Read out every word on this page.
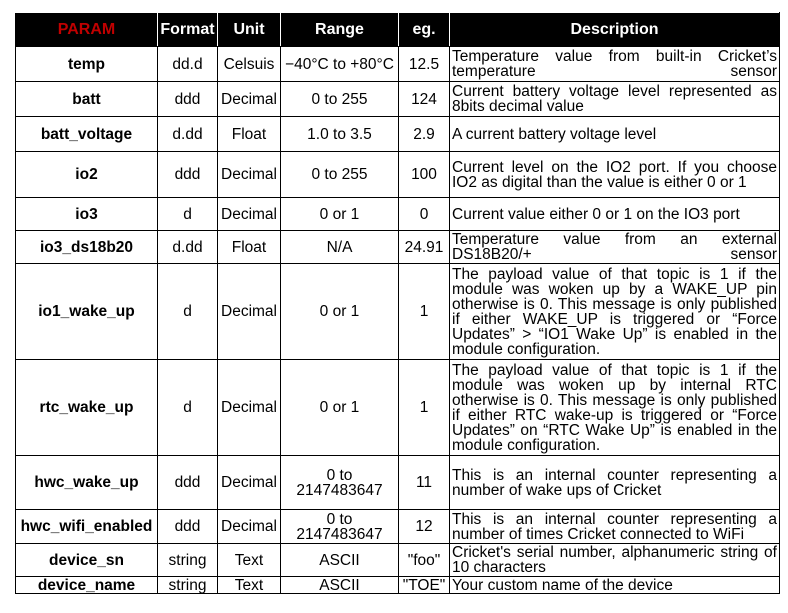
PARAM	Format	Unit	Range	eg.	Description
temp	dd.d	Celsuis	−40°C to +80°C	12.5	Temperature value from built-in Cricket’s temperature sensor
batt	ddd	Decimal	0 to 255	124	Current battery voltage level represented as 8bits decimal value
batt_voltage	d.dd	Float	1.0 to 3.5	2.9	A current battery voltage level
io2	ddd	Decimal	0 to 255	100	Current level on the IO2 port. If you choose IO2 as digital than the value is either 0 or 1
io3	d	Decimal	0 or 1	0	Current value either 0 or 1 on the IO3 port
io3_ds18b20	d.dd	Float	N/A	24.91	Temperature value from an external DS18B20/+ sensor
io1_wake_up	d	Decimal	0 or 1	1	The payload value of that topic is 1 if the module was woken up by a WAKE_UP pin otherwise is 0. This message is only published if either WAKE_UP is triggered or “Force Updates” > “IO1 Wake Up” is enabled in the module configuration.
rtc_wake_up	d	Decimal	0 or 1	1	The payload value of that topic is 1 if the module was woken up by internal RTC otherwise is 0. This message is only published if either RTC wake-up is triggered or “Force Updates” on “RTC Wake Up” is enabled in the module configuration.
hwc_wake_up	ddd	Decimal	0 to 2147483647	11	This is an internal counter representing a number of wake ups of Cricket
hwc_wifi_enabled	ddd	Decimal	0 to 2147483647	12	This is an internal counter representing a number of times Cricket connected to WiFi
device_sn	string	Text	ASCII	"foo"	Cricket's serial number, alphanumeric string of 10 characters
device_name	string	Text	ASCII	"TOE"	Your custom name of the device
